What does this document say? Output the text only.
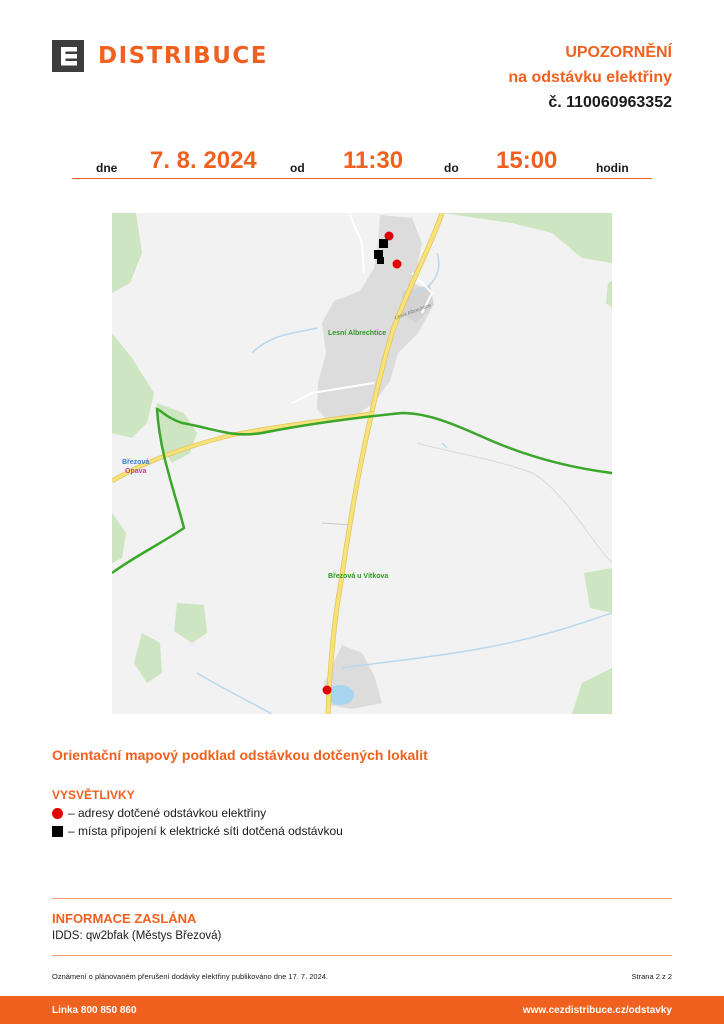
DISTRIBUCE	UPOZORNĚNÍ
na odstávku elektřiny
č. 110060963352
dne 7. 8. 2024	od 11:30	do 15:00	hodin
Lesní Albrechtice
Lesní Albrechtice
Březová
Opava
Březová u Vítkova
Orientační mapový podklad odstávkou dotčených lokalit
VYSVĚTLIVKY
– adresy dotčené odstávkou elektřiny
– místa připojení k elektrické síti dotčená odstávkou
INFORMACE ZASLÁNA
IDDS: qw2bfak (Městys Březová)
Oznámení o plánovaném přerušení dodávky elektřiny publikováno dne 17. 7. 2024.	Strana 2 z 2
Linka 800 850 860	www.cezdistribuce.cz/odstavky
